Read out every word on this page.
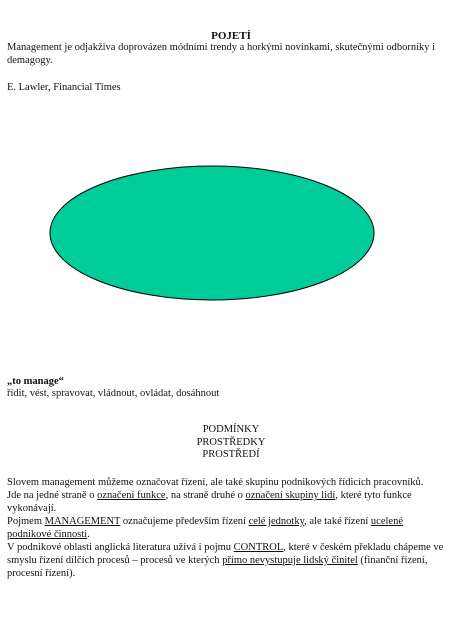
POJETÍ

Management je odjakživa doprovázen módními trendy a horkými novinkami, skutečnými odborníky i demagogy.

E. Lawler, Financial Times

„to manage“
řídit, vést, spravovat, vládnout, ovládat, dosáhnout
PODMÍNKY
PROSTŘEDKY
PROSTŘEDÍ

Slovem management můžeme označovat řízení, ale také skupinu podnikových řídicích pracovníků.

Jde na jedné straně o označení funkce, na straně druhé o označení skupiny lidí, které tyto funkce vykonávají.

Pojmem MANAGEMENT označujeme především řízení celé jednotky, ale také řízení ucelené podnikové činnosti.

V podnikové oblasti anglická literatura užívá i pojmu CONTROL, které v českém překladu chápeme ve smyslu řízení dílčích procesů – procesů ve kterých přímo nevystupuje lidský činitel (finanční řízení, procesní řízení).
